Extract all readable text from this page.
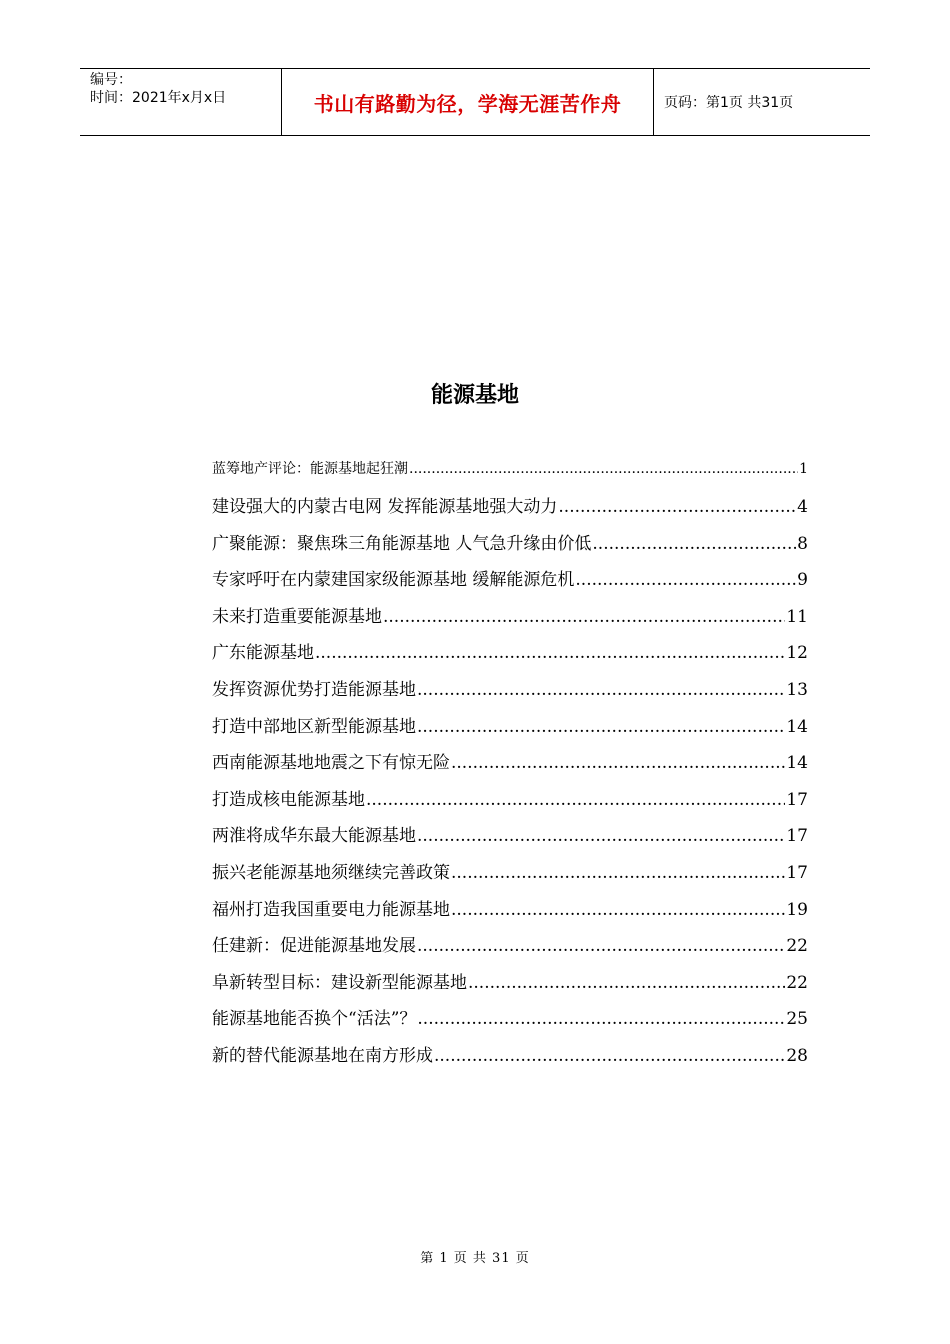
编号：
时间：2021年x月x日	书山有路勤为径，学海无涯苦作舟	页码：第1页 共31页
能源基地
蓝筹地产评论：能源基地起狂潮 .....	1
建设强大的内蒙古电网 发挥能源基地强大动力 .....	4
广聚能源：聚焦珠三角能源基地 人气急升缘由价低 .....	8
专家呼吁在内蒙建国家级能源基地 缓解能源危机 .....	9
未来打造重要能源基地 .....	11
广东能源基地 .....	12
发挥资源优势打造能源基地 .....	13
打造中部地区新型能源基地 .....	14
西南能源基地地震之下有惊无险 .....	14
打造成核电能源基地 .....	17
两淮将成华东最大能源基地 .....	17
振兴老能源基地须继续完善政策 .....	17
福州打造我国重要电力能源基地 .....	19
任建新：促进能源基地发展 .....	22
阜新转型目标：建设新型能源基地 .....	22
能源基地能否换个“活法”？ .....	25
新的替代能源基地在南方形成 .....	28
第 1 页 共 31 页
